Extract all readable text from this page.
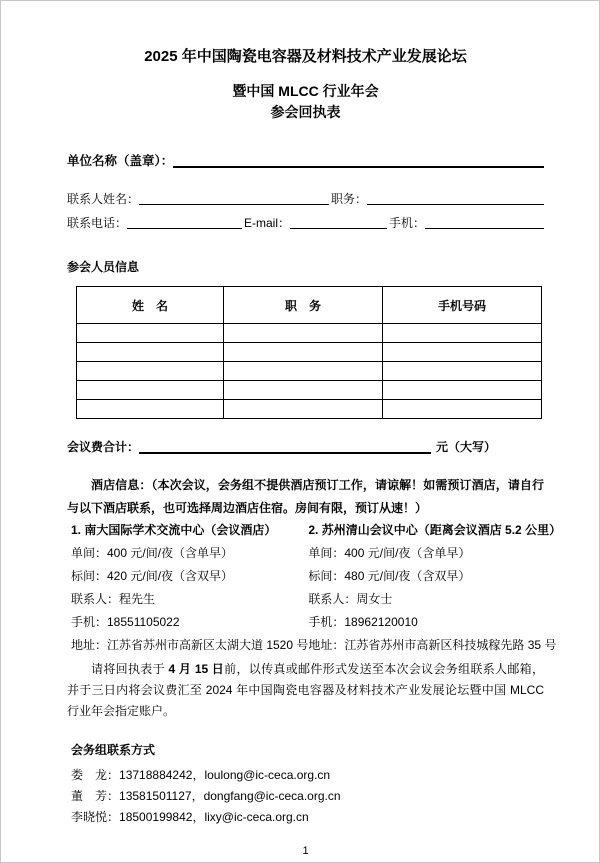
2025 年中国陶瓷电容器及材料技术产业发展论坛
暨中国 MLCC 行业年会
参会回执表
单位名称（盖章）：
联系人姓名：	职务：
联系电话：	E-mail：	手机：
参会人员信息
姓　名	职　务	手机号码

会议费合计：	元（大写）

酒店信息：（本次会议，会务组不提供酒店预订工作，请谅解！如需预订酒店，请自行与以下酒店联系，也可选择周边酒店住宿。房间有限，预订从速！）

1. 南大国际学术交流中心（会议酒店）
单间：400 元/间/夜（含单早）
标间：420 元/间/夜（含双早）
联系人：程先生
手机：18551105022
地址：江苏省苏州市高新区太湖大道 1520 号
2. 苏州清山会议中心（距离会议酒店 5.2 公里）
单间：400 元/间/夜（含单早）
标间：480 元/间/夜（含双早）
联系人：周女士
手机：18962120010
地址：江苏省苏州市高新区科技城稼先路 35 号

请将回执表于 4 月 15 日前，以传真或邮件形式发送至本次会议会务组联系人邮箱，并于三日内将会议费汇至 2024 年中国陶瓷电容器及材料技术产业发展论坛暨中国 MLCC 行业年会指定账户。

会务组联系方式
娄　龙：13718884242，loulong@ic-ceca.org.cn
董　芳：13581501127，dongfang@ic-ceca.org.cn
李晓悦：18500199842，lixy@ic-ceca.org.cn
1
